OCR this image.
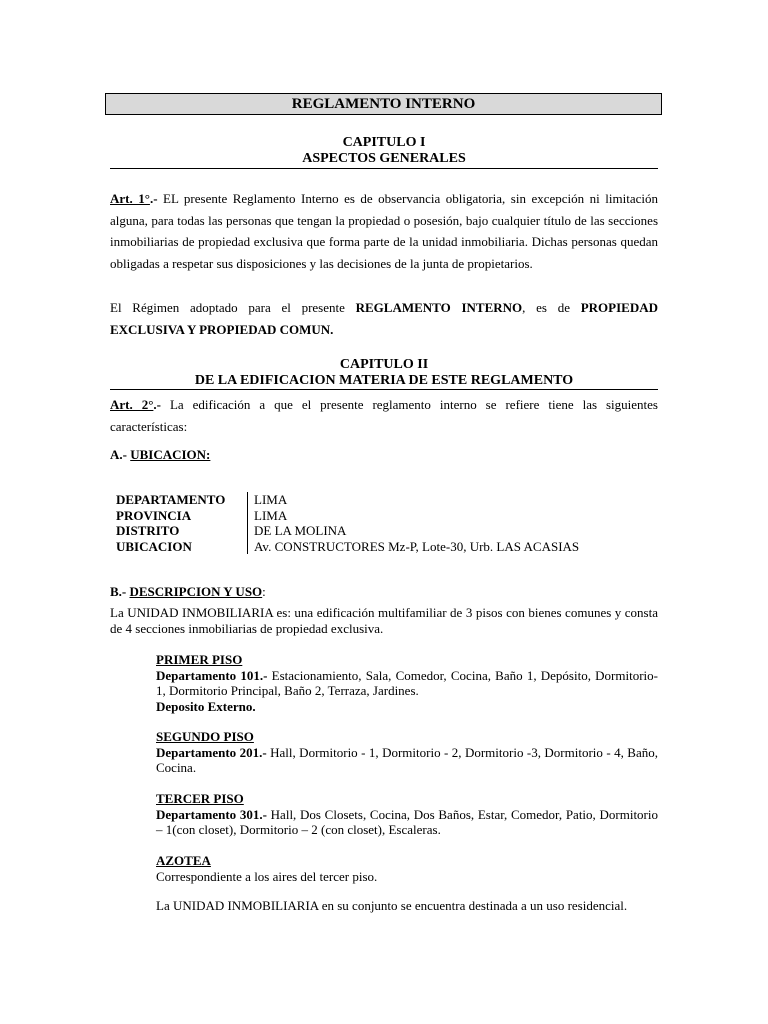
REGLAMENTO INTERNO
CAPITULO I
ASPECTOS GENERALES

Art. 1°.- EL presente Reglamento Interno es de observancia obligatoria, sin excepción ni limitación alguna, para todas las personas que tengan la propiedad o posesión, bajo cualquier título de las secciones inmobiliarias de propiedad exclusiva que forma parte de la unidad inmobiliaria. Dichas personas quedan obligadas a respetar sus disposiciones y las decisiones de la junta de propietarios.

El Régimen adoptado para el presente REGLAMENTO INTERNO, es de PROPIEDAD EXCLUSIVA Y PROPIEDAD COMUN.

CAPITULO II
DE LA EDIFICACION MATERIA DE ESTE REGLAMENTO

Art. 2°.- La edificación a que el presente reglamento interno se refiere tiene las siguientes características:

A.- UBICACION:
DEPARTAMENTO	LIMA
PROVINCIA	LIMA
DISTRITO	DE LA MOLINA
UBICACION	Av. CONSTRUCTORES Mz-P, Lote-30, Urb. LAS ACASIAS
B.- DESCRIPCION Y USO:

La UNIDAD INMOBILIARIA es: una edificación multifamiliar de 3 pisos con bienes comunes y consta de 4 secciones inmobiliarias de propiedad exclusiva.

PRIMER PISO
Departamento 101.- Estacionamiento, Sala, Comedor, Cocina, Baño 1, Depósito, Dormitorio-1, Dormitorio Principal, Baño 2, Terraza, Jardines.
Deposito Externo.
SEGUNDO PISO
Departamento 201.- Hall, Dormitorio - 1, Dormitorio - 2, Dormitorio -3, Dormitorio - 4, Baño, Cocina.
TERCER PISO
Departamento 301.- Hall, Dos Closets, Cocina, Dos Baños, Estar, Comedor, Patio, Dormitorio – 1(con closet), Dormitorio – 2 (con closet), Escaleras.
AZOTEA
Correspondiente a los aires del tercer piso.
La UNIDAD INMOBILIARIA en su conjunto se encuentra destinada a un uso residencial.
